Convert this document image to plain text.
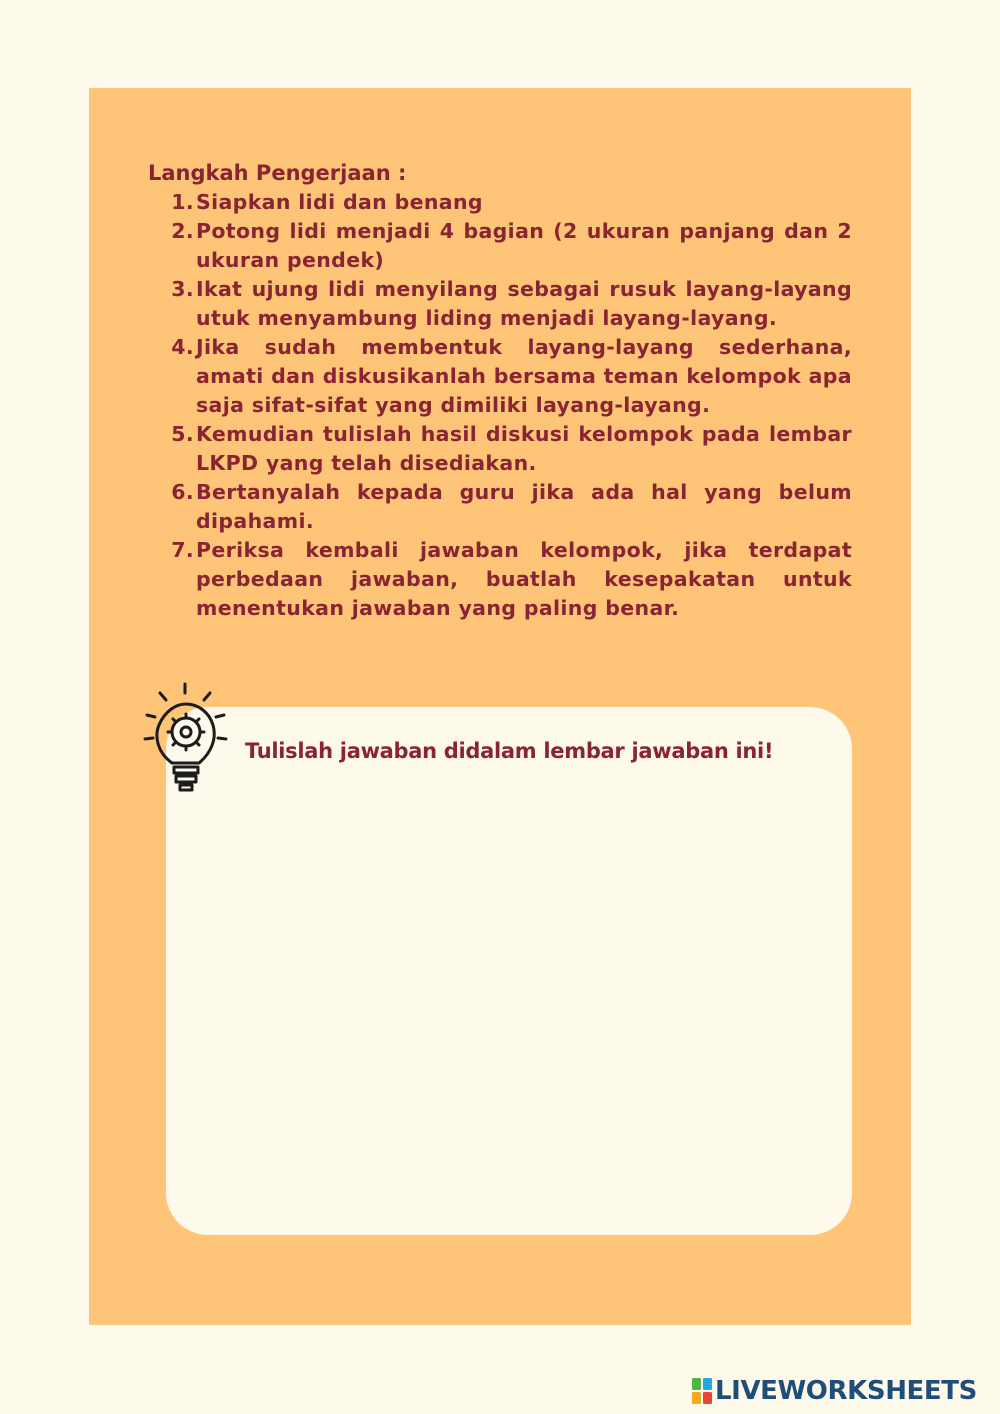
Langkah Pengerjaan :

1. Siapkan lidi dan benang
2. Potong lidi menjadi 4 bagian (2 ukuran panjang dan 2 ukuran pendek)
3. Ikat ujung lidi menyilang sebagai rusuk layang-layang utuk menyambung liding menjadi layang-layang.
4. Jika sudah membentuk layang-layang sederhana, amati dan diskusikanlah bersama teman kelompok apa saja sifat-sifat yang dimiliki layang-layang.
5. Kemudian tulislah hasil diskusi kelompok pada lembar LKPD yang telah disediakan.
6. Bertanyalah kepada guru jika ada hal yang belum dipahami.
7. Periksa kembali jawaban kelompok, jika terdapat perbedaan jawaban, buatlah kesepakatan untuk menentukan jawaban yang paling benar.

Tulislah jawaban didalam lembar jawaban ini!

LIVEWORKSHEETS
